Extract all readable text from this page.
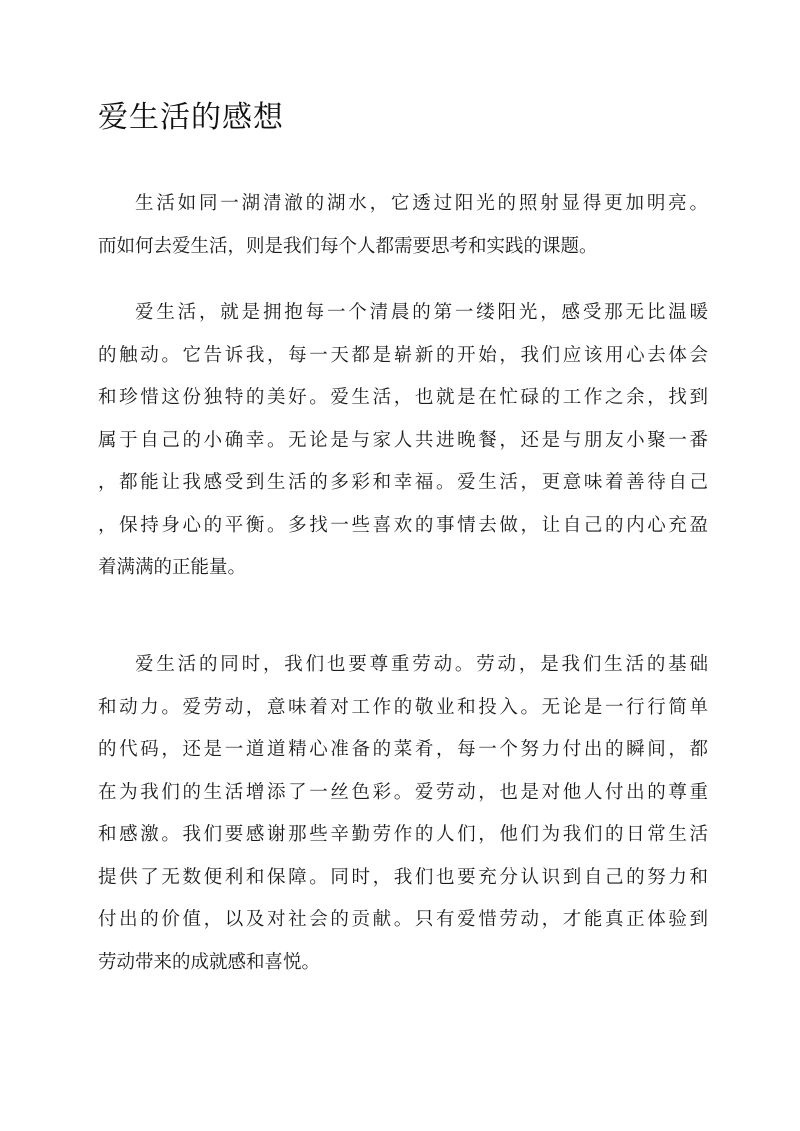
爱生活的感想
生活如同一湖清澈的湖水，它透过阳光的照射显得更加明亮。
而如何去爱生活，则是我们每个人都需要思考和实践的课题。
爱生活，就是拥抱每一个清晨的第一缕阳光，感受那无比温暖
的触动。它告诉我，每一天都是崭新的开始，我们应该用心去体会
和珍惜这份独特的美好。爱生活，也就是在忙碌的工作之余，找到
属于自己的小确幸。无论是与家人共进晚餐，还是与朋友小聚一番
，都能让我感受到生活的多彩和幸福。爱生活，更意味着善待自己
，保持身心的平衡。多找一些喜欢的事情去做，让自己的内心充盈
着满满的正能量。
爱生活的同时，我们也要尊重劳动。劳动，是我们生活的基础
和动力。爱劳动，意味着对工作的敬业和投入。无论是一行行简单
的代码，还是一道道精心准备的菜肴，每一个努力付出的瞬间，都
在为我们的生活增添了一丝色彩。爱劳动，也是对他人付出的尊重
和感激。我们要感谢那些辛勤劳作的人们，他们为我们的日常生活
提供了无数便利和保障。同时，我们也要充分认识到自己的努力和
付出的价值，以及对社会的贡献。只有爱惜劳动，才能真正体验到
劳动带来的成就感和喜悦。
